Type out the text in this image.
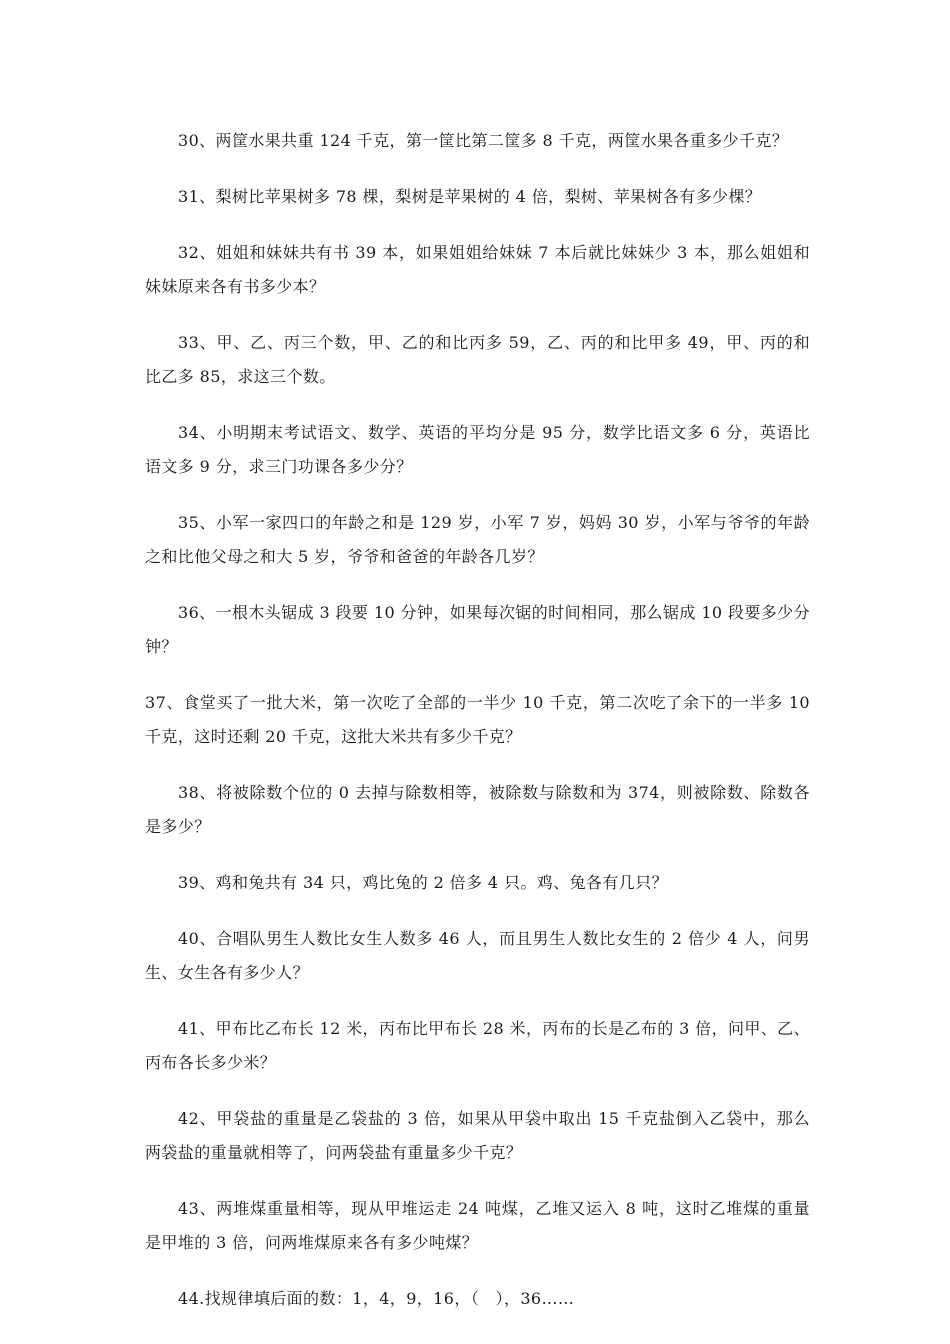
30、两筐水果共重 124 千克，第一筐比第二筐多 8 千克，两筐水果各重多少千克？

31、梨树比苹果树多 78 棵，梨树是苹果树的 4 倍，梨树、苹果树各有多少棵？

32、姐姐和妹妹共有书 39 本，如果姐姐给妹妹 7 本后就比妹妹少 3 本，那么姐姐和妹妹原来各有书多少本？

33、甲、乙、丙三个数，甲、乙的和比丙多 59，乙、丙的和比甲多 49，甲、丙的和比乙多 85，求这三个数。

34、小明期末考试语文、数学、英语的平均分是 95 分，数学比语文多 6 分，英语比语文多 9 分，求三门功课各多少分？

35、小军一家四口的年龄之和是 129 岁，小军 7 岁，妈妈 30 岁，小军与爷爷的年龄之和比他父母之和大 5 岁，爷爷和爸爸的年龄各几岁？

36、一根木头锯成 3 段要 10 分钟，如果每次锯的时间相同，那么锯成 10 段要多少分钟？

37、食堂买了一批大米，第一次吃了全部的一半少 10 千克，第二次吃了余下的一半多 10 千克，这时还剩 20 千克，这批大米共有多少千克？

38、将被除数个位的 0 去掉与除数相等，被除数与除数和为 374，则被除数、除数各是多少？

39、鸡和兔共有 34 只，鸡比兔的 2 倍多 4 只。鸡、兔各有几只？

40、合唱队男生人数比女生人数多 46 人，而且男生人数比女生的 2 倍少 4 人，问男生、女生各有多少人？

41、甲布比乙布长 12 米，丙布比甲布长 28 米，丙布的长是乙布的 3 倍，问甲、乙、丙布各长多少米？

42、甲袋盐的重量是乙袋盐的 3 倍，如果从甲袋中取出 15 千克盐倒入乙袋中，那么两袋盐的重量就相等了，问两袋盐有重量多少千克？

43、两堆煤重量相等，现从甲堆运走 24 吨煤，乙堆又运入 8 吨，这时乙堆煤的重量是甲堆的 3 倍，问两堆煤原来各有多少吨煤？

44.找规律填后面的数：1，4，9，16，（　），36……
